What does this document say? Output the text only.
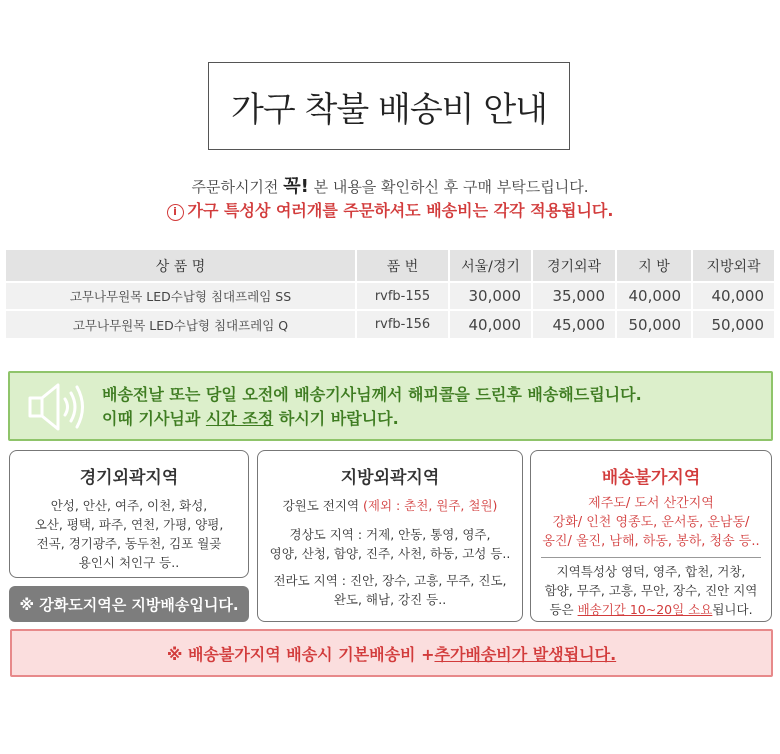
가구 착불 배송비 안내
주문하시기전 꼭! 본 내용을 확인하신 후 구매 부탁드립니다.
i 가구 특성상 여러개를 주문하셔도 배송비는 각각 적용됩니다.
상 품 명	품 번	서울/경기	경기외곽	지 방	지방외곽
고무나무원목 LED수납형 침대프레임 SS	rvfb-155	30,000	35,000	40,000	40,000
고무나무원목 LED수납형 침대프레임 Q	rvfb-156	40,000	45,000	50,000	50,000
배송전날 또는 당일 오전에 배송기사님께서 해피콜을 드린후 배송해드립니다.
이때 기사님과 시간 조정 하시기 바랍니다.
경기외곽지역
안성, 안산, 여주, 이천, 화성,
오산, 평택, 파주, 연천, 가평, 양평,
전곡, 경기광주, 동두천, 김포 월곶
용인시 처인구 등..
※ 강화도지역은 지방배송입니다.
지방외곽지역
강원도 전지역 (제외 : 춘천, 원주, 철원)
경상도 지역 : 거제, 안동, 통영, 영주,
영양, 산청, 함양, 진주, 사천, 하동, 고성 등..
전라도 지역 : 진안, 장수, 고흥, 무주, 진도,
완도, 해남, 강진 등..
배송불가지역
제주도/ 도서 산간지역
강화/ 인천 영종도, 운서동, 운남동/
옹진/ 울진, 남해, 하동, 봉하, 청송 등..
지역특성상 영덕, 영주, 합천, 거창,
함양, 무주, 고흥, 무안, 장수, 진안 지역
등은 배송기간 10~20일 소요됩니다.
※ 배송불가지역 배송시 기본배송비 + 추가배송비가 발생됩니다.
